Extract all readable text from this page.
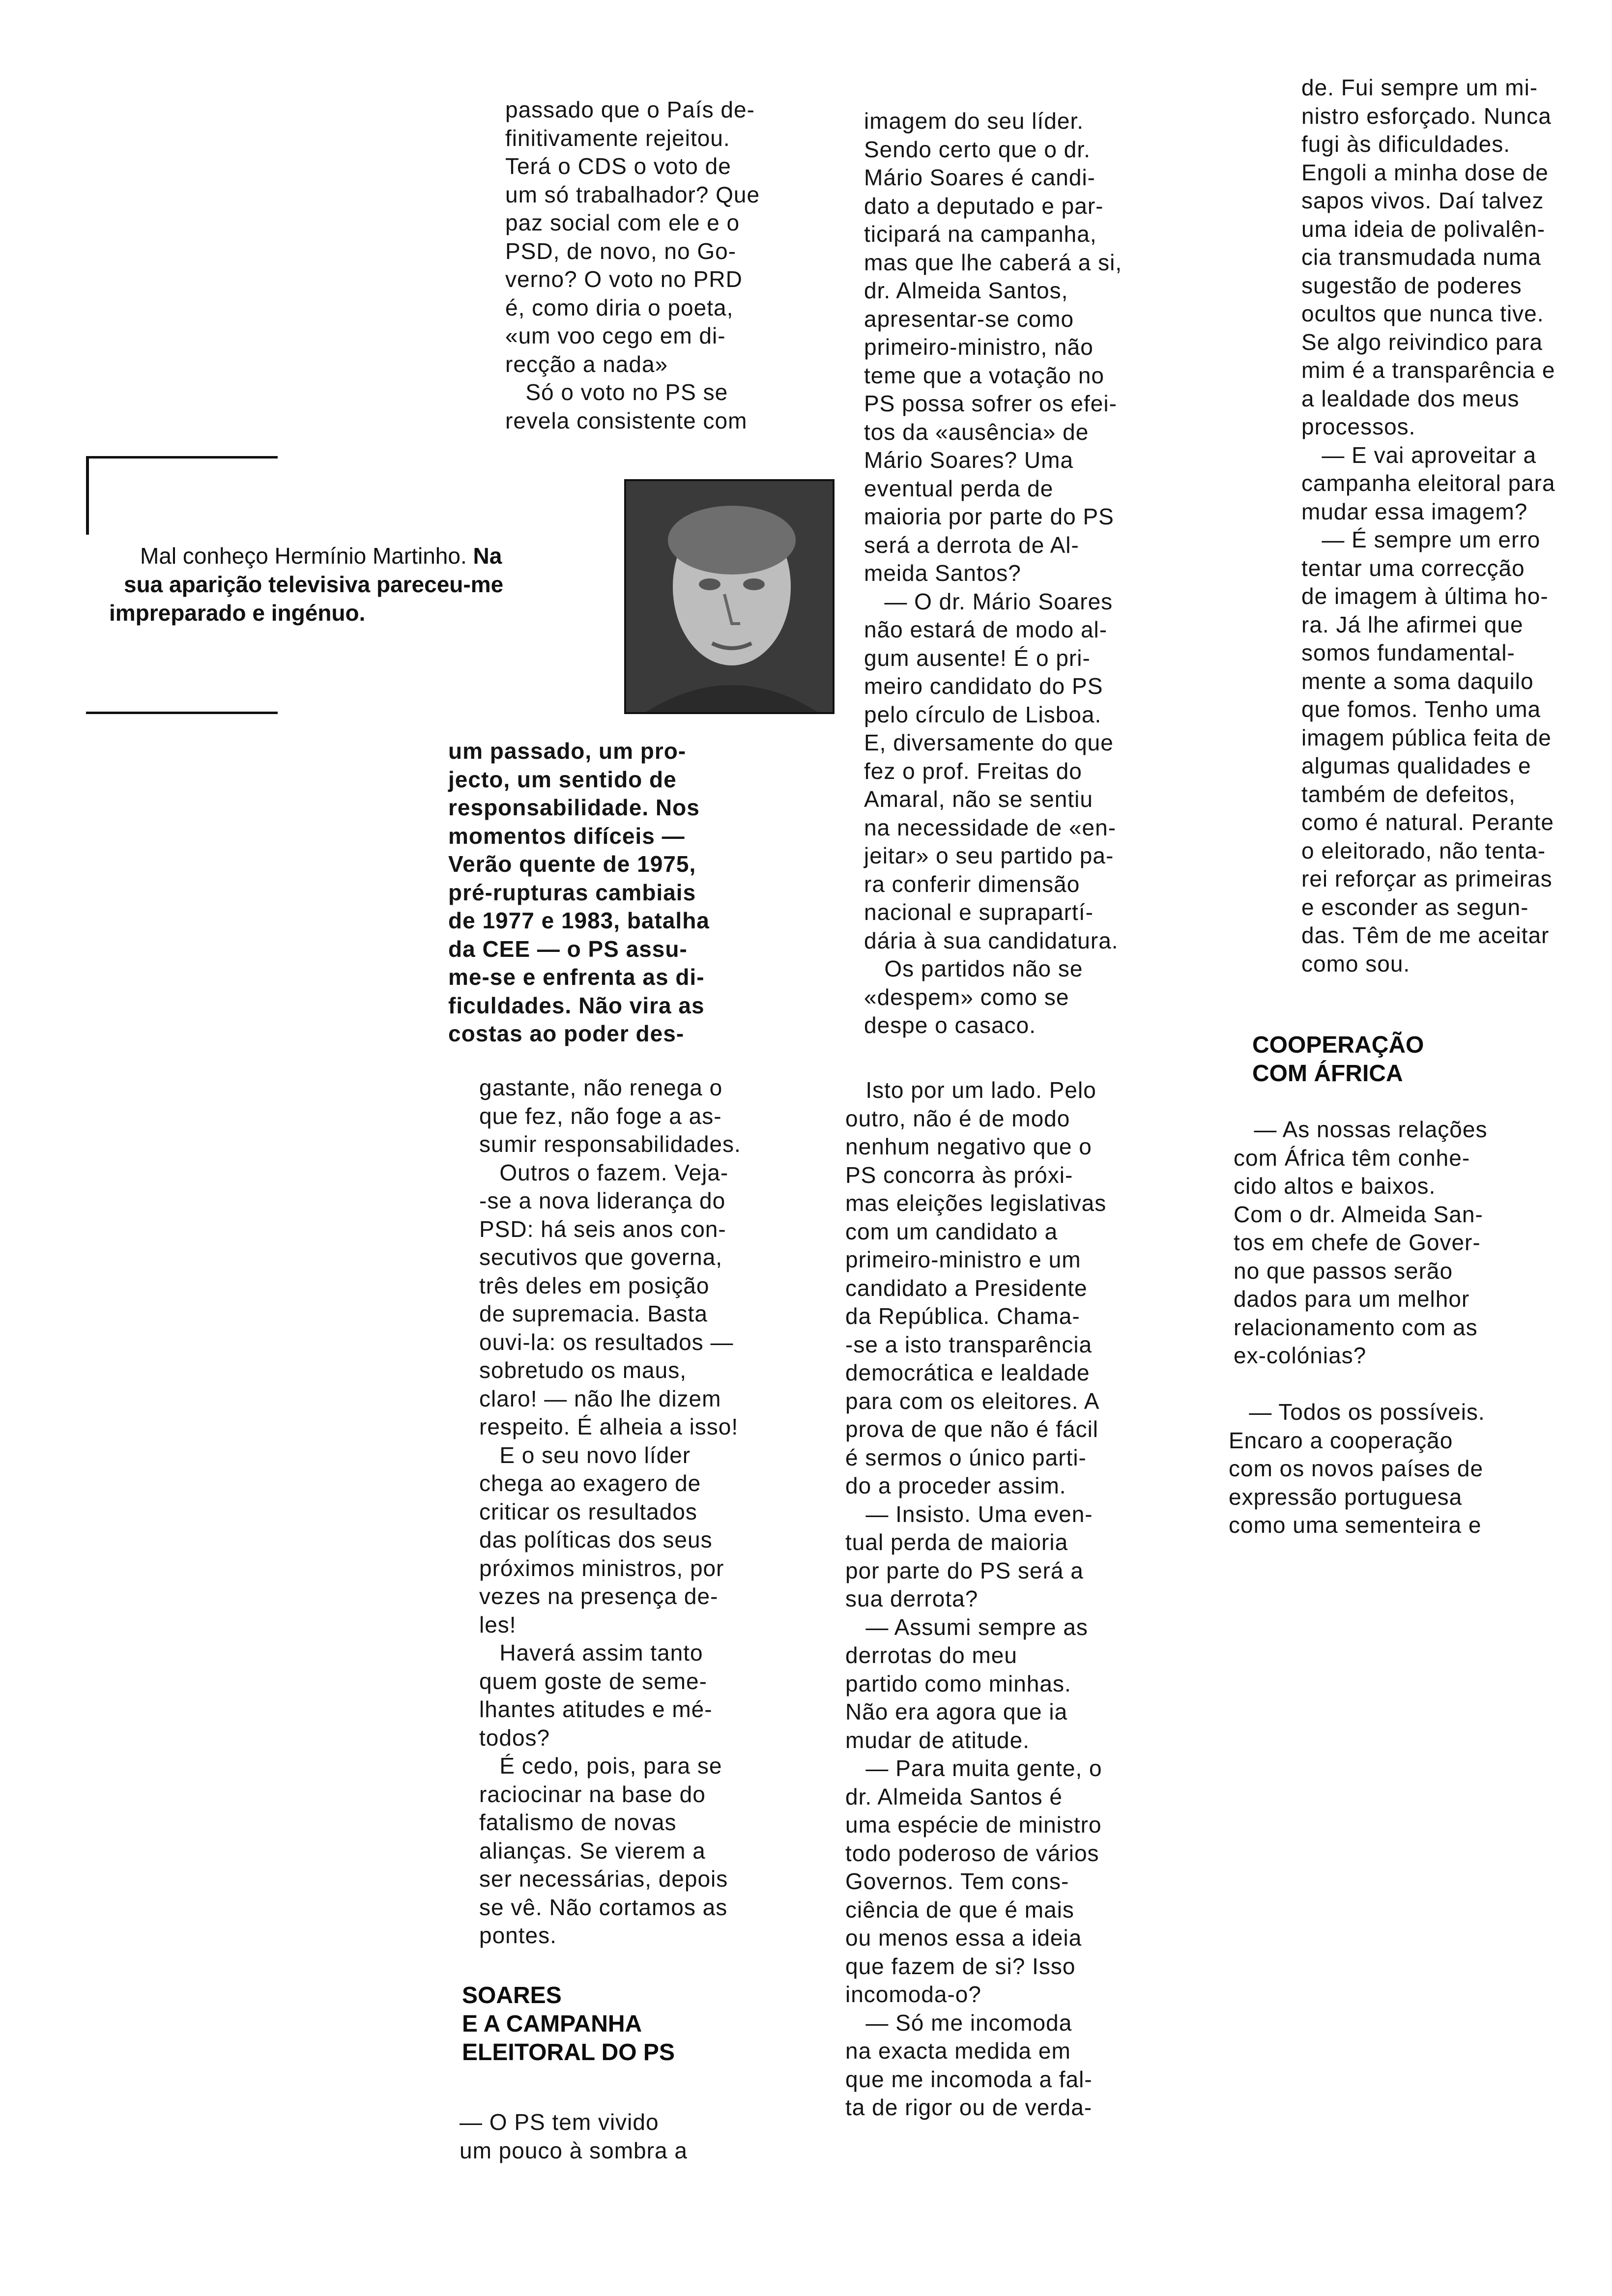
passado que o País de-
finitivamente rejeitou.
Terá o CDS o voto de
um só trabalhador? Que
paz social com ele e o
PSD, de novo, no Go-
verno? O voto no PRD
é, como diria o poeta,
«um voo cego em di-
recção a nada»
Só o voto no PS se
revela consistente com

um passado, um pro-
jecto, um sentido de
responsabilidade. Nos
momentos difíceis —
Verão quente de 1975,
pré-rupturas cambiais
de 1977 e 1983, batalha
da CEE — o PS assu-
me-se e enfrenta as di-
ficuldades. Não vira as
costas ao poder des-

gastante, não renega o
que fez, não foge a as-
sumir responsabilidades.
Outros o fazem. Veja-
-se a nova liderança do
PSD: há seis anos con-
secutivos que governa,
três deles em posição
de supremacia. Basta
ouvi-la: os resultados —
sobretudo os maus,
claro! — não lhe dizem
respeito. É alheia a isso!
E o seu novo líder
chega ao exagero de
criticar os resultados
das políticas dos seus
próximos ministros, por
vezes na presença de-
les!
Haverá assim tanto
quem goste de seme-
lhantes atitudes e mé-
todos?
É cedo, pois, para se
raciocinar na base do
fatalismo de novas
alianças. Se vierem a
ser necessárias, depois
se vê. Não cortamos as
pontes.

SOARES
E A CAMPANHA
ELEITORAL DO PS

— O PS tem vivido
um pouco à sombra a

Mal conheço Hermínio Martinho. Na
sua aparição televisiva pareceu-me
impreparado e ingénuo.

imagem do seu líder.
Sendo certo que o dr.
Mário Soares é candi-
dato a deputado e par-
ticipará na campanha,
mas que lhe caberá a si,
dr. Almeida Santos,
apresentar-se como
primeiro-ministro, não
teme que a votação no
PS possa sofrer os efei-
tos da «ausência» de
Mário Soares? Uma
eventual perda de
maioria por parte do PS
será a derrota de Al-
meida Santos?
— O dr. Mário Soares
não estará de modo al-
gum ausente! É o pri-
meiro candidato do PS
pelo círculo de Lisboa.
E, diversamente do que
fez o prof. Freitas do
Amaral, não se sentiu
na necessidade de «en-
jeitar» o seu partido pa-
ra conferir dimensão
nacional e suprapartí-
dária à sua candidatura.
Os partidos não se
«despem» como se
despe o casaco.

Isto por um lado. Pelo
outro, não é de modo
nenhum negativo que o
PS concorra às próxi-
mas eleições legislativas
com um candidato a
primeiro-ministro e um
candidato a Presidente
da República. Chama-
-se a isto transparência
democrática e lealdade
para com os eleitores. A
prova de que não é fácil
é sermos o único parti-
do a proceder assim.
— Insisto. Uma even-
tual perda de maioria
por parte do PS será a
sua derrota?
— Assumi sempre as
derrotas do meu
partido como minhas.
Não era agora que ia
mudar de atitude.
— Para muita gente, o
dr. Almeida Santos é
uma espécie de ministro
todo poderoso de vários
Governos. Tem cons-
ciência de que é mais
ou menos essa a ideia
que fazem de si? Isso
incomoda-o?
— Só me incomoda
na exacta medida em
que me incomoda a fal-
ta de rigor ou de verda-

de. Fui sempre um mi-
nistro esforçado. Nunca
fugi às dificuldades.
Engoli a minha dose de
sapos vivos. Daí talvez
uma ideia de polivalên-
cia transmudada numa
sugestão de poderes
ocultos que nunca tive.
Se algo reivindico para
mim é a transparência e
a lealdade dos meus
processos.
— E vai aproveitar a
campanha eleitoral para
mudar essa imagem?
— É sempre um erro
tentar uma correcção
de imagem à última ho-
ra. Já lhe afirmei que
somos fundamental-
mente a soma daquilo
que fomos. Tenho uma
imagem pública feita de
algumas qualidades e
também de defeitos,
como é natural. Perante
o eleitorado, não tenta-
rei reforçar as primeiras
e esconder as segun-
das. Têm de me aceitar
como sou.

COOPERAÇÃO
COM ÁFRICA

— As nossas relações
com África têm conhe-
cido altos e baixos.
Com o dr. Almeida San-
tos em chefe de Gover-
no que passos serão
dados para um melhor
relacionamento com as
ex-colónias?

— Todos os possíveis.
Encaro a cooperação
com os novos países de
expressão portuguesa
como uma sementeira e
